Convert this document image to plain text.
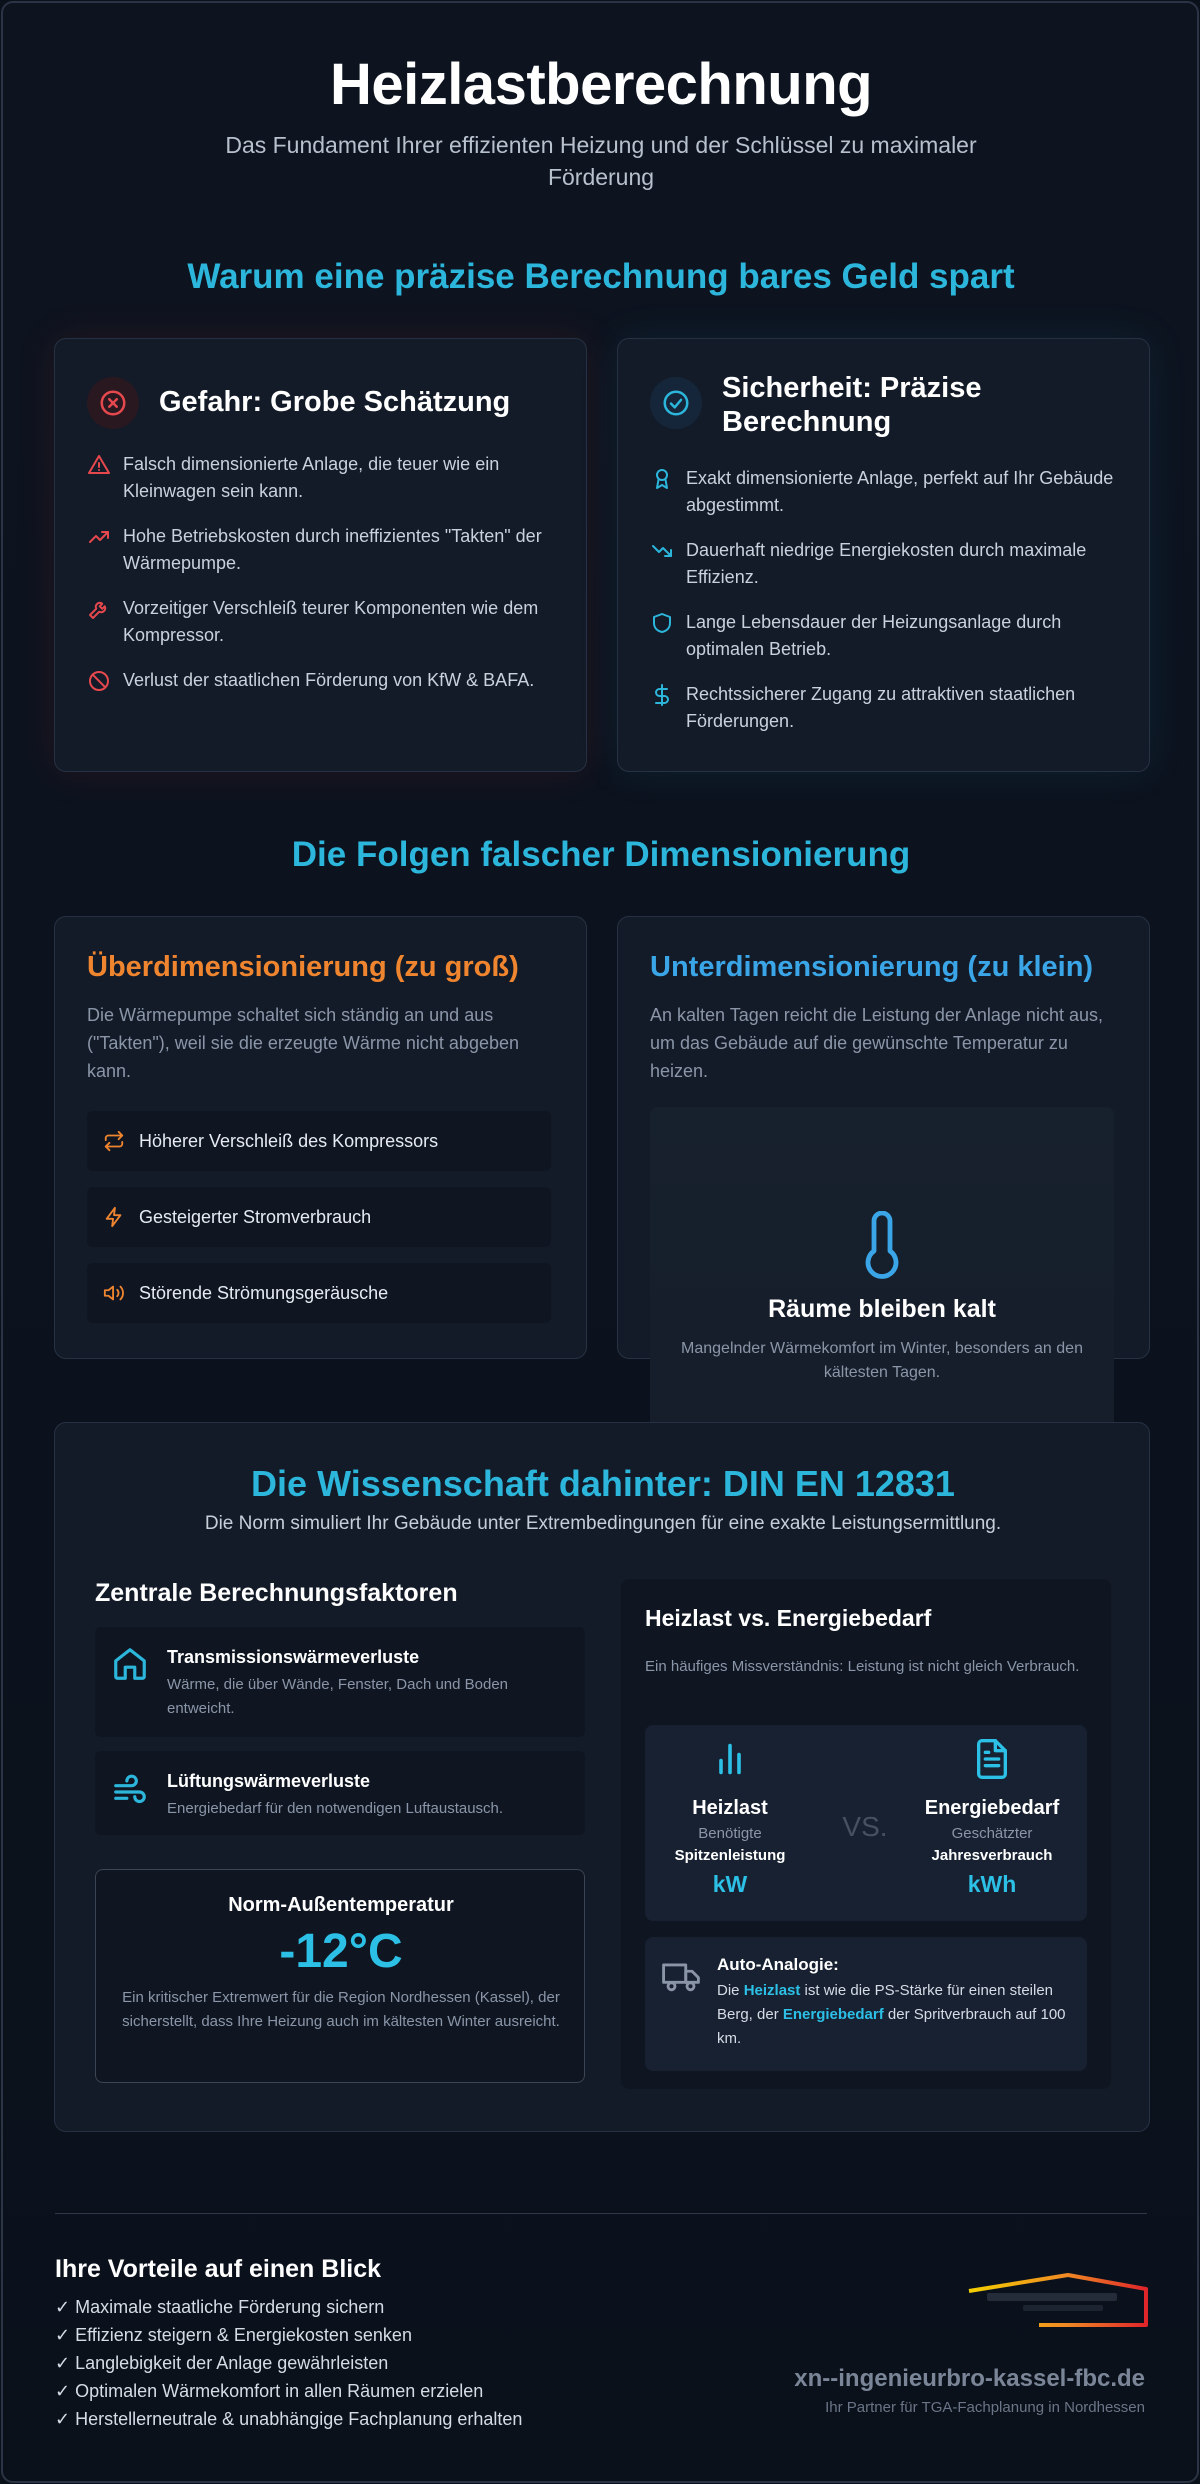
Heizlastberechnung
Das Fundament Ihrer effizienten Heizung und der Schlüssel zu maximaler Förderung
Warum eine präzise Berechnung bares Geld spart
Gefahr: Grobe Schätzung
Falsch dimensionierte Anlage, die teuer wie ein Kleinwagen sein kann.
Hohe Betriebskosten durch ineffizientes "Takten" der Wärmepumpe.
Vorzeitiger Verschleiß teurer Komponenten wie dem Kompressor.
Verlust der staatlichen Förderung von KfW & BAFA.
Sicherheit: Präzise Berechnung
Exakt dimensionierte Anlage, perfekt auf Ihr Gebäude abgestimmt.
Dauerhaft niedrige Energiekosten durch maximale Effizienz.
Lange Lebensdauer der Heizungsanlage durch optimalen Betrieb.
Rechtssicherer Zugang zu attraktiven staatlichen Förderungen.
Die Folgen falscher Dimensionierung
Überdimensionierung (zu groß)
Die Wärmepumpe schaltet sich ständig an und aus ("Takten"), weil sie die erzeugte Wärme nicht abgeben kann.
Höherer Verschleiß des Kompressors
Gesteigerter Stromverbrauch
Störende Strömungsgeräusche
Unterdimensionierung (zu klein)
An kalten Tagen reicht die Leistung der Anlage nicht aus, um das Gebäude auf die gewünschte Temperatur zu heizen.
Räume bleiben kalt
Mangelnder Wärmekomfort im Winter, besonders an den kältesten Tagen.
Die Wissenschaft dahinter: DIN EN 12831
Die Norm simuliert Ihr Gebäude unter Extrembedingungen für eine exakte Leistungsermittlung.
Zentrale Berechnungsfaktoren
Transmissionswärmeverluste
Wärme, die über Wände, Fenster, Dach und Boden entweicht.
Lüftungswärmeverluste
Energiebedarf für den notwendigen Luftaustausch.
Norm-Außentemperatur
-12°C
Ein kritischer Extremwert für die Region Nordhessen (Kassel), der sicherstellt, dass Ihre Heizung auch im kältesten Winter ausreicht.
Heizlast vs. Energiebedarf
Ein häufiges Missverständnis: Leistung ist nicht gleich Verbrauch.
Heizlast
Benötigte
Spitzenleistung
kW
VS.
Energiebedarf
Geschätzter
Jahresverbrauch
kWh
Auto-Analogie:
Die Heizlast ist wie die PS-Stärke für einen steilen Berg, der Energiebedarf der Spritverbrauch auf 100 km.
Ihre Vorteile auf einen Blick
✓ Maximale staatliche Förderung sichern
✓ Effizienz steigern & Energiekosten senken
✓ Langlebigkeit der Anlage gewährleisten
✓ Optimalen Wärmekomfort in allen Räumen erzielen
✓ Herstellerneutrale & unabhängige Fachplanung erhalten
xn--ingenieurbro-kassel-fbc.de
Ihr Partner für TGA-Fachplanung in Nordhessen
